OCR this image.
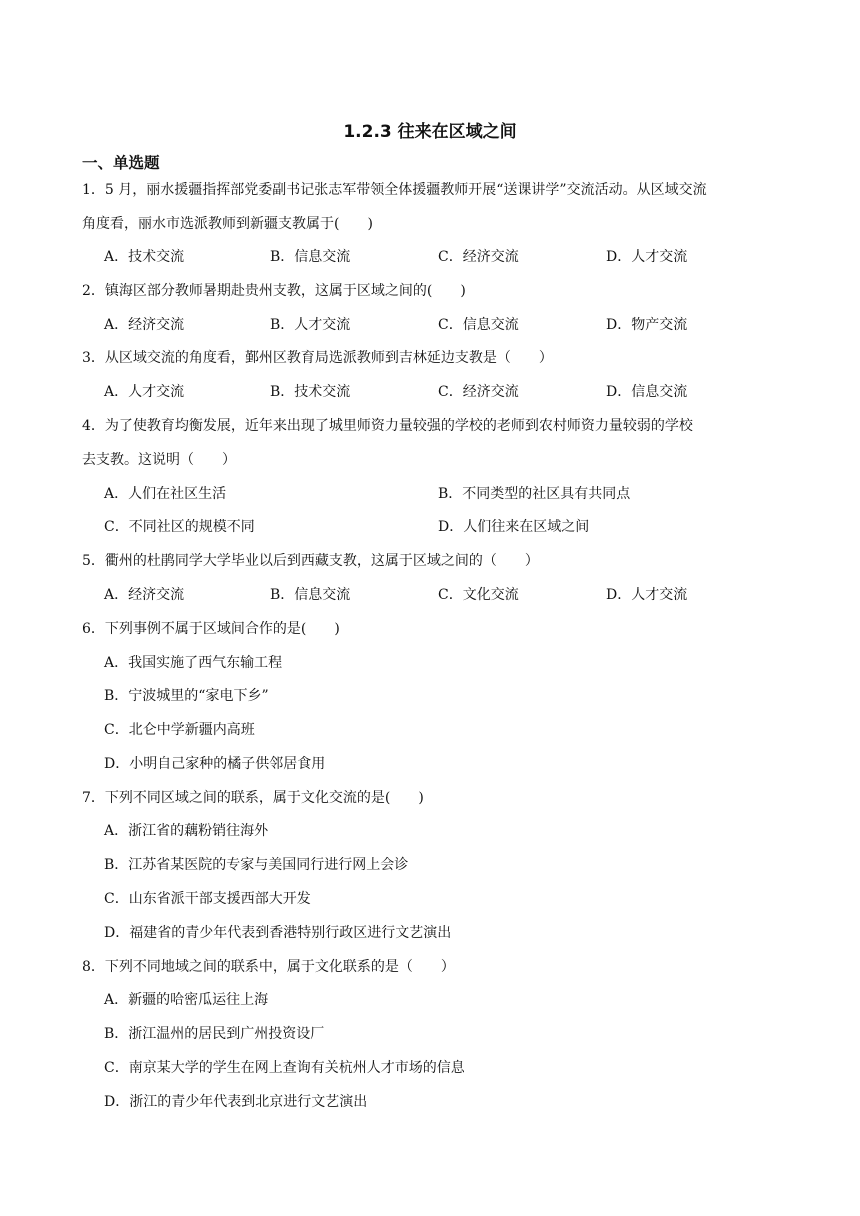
1.2.3 往来在区域之间
一、单选题
1．5 月，丽水援疆指挥部党委副书记张志军带领全体援疆教师开展“送课讲学”交流活动。从区域交流
角度看，丽水市选派教师到新疆支教属于(　　)
A．技术交流	B．信息交流	C．经济交流	D．人才交流
2．镇海区部分教师暑期赴贵州支教，这属于区域之间的(　　)
A．经济交流	B．人才交流	C．信息交流	D．物产交流
3．从区域交流的角度看，鄞州区教育局选派教师到吉林延边支教是（　　）
A．人才交流	B．技术交流	C．经济交流	D．信息交流
4．为了使教育均衡发展，近年来出现了城里师资力量较强的学校的老师到农村师资力量较弱的学校
去支教。这说明（　　）
A．人们在社区生活	B．不同类型的社区具有共同点
C．不同社区的规模不同	D．人们往来在区域之间
5．衢州的杜鹃同学大学毕业以后到西藏支教，这属于区域之间的（　　）
A．经济交流	B．信息交流	C．文化交流	D．人才交流
6．下列事例不属于区域间合作的是(　　)
A．我国实施了西气东输工程
B．宁波城里的“家电下乡”
C．北仑中学新疆内高班
D．小明自己家种的橘子供邻居食用
7．下列不同区域之间的联系，属于文化交流的是(　　)
A．浙江省的藕粉销往海外
B．江苏省某医院的专家与美国同行进行网上会诊
C．山东省派干部支援西部大开发
D．福建省的青少年代表到香港特别行政区进行文艺演出
8．下列不同地域之间的联系中，属于文化联系的是（　　）
A．新疆的哈密瓜运往上海
B．浙江温州的居民到广州投资设厂
C．南京某大学的学生在网上查询有关杭州人才市场的信息
D．浙江的青少年代表到北京进行文艺演出
